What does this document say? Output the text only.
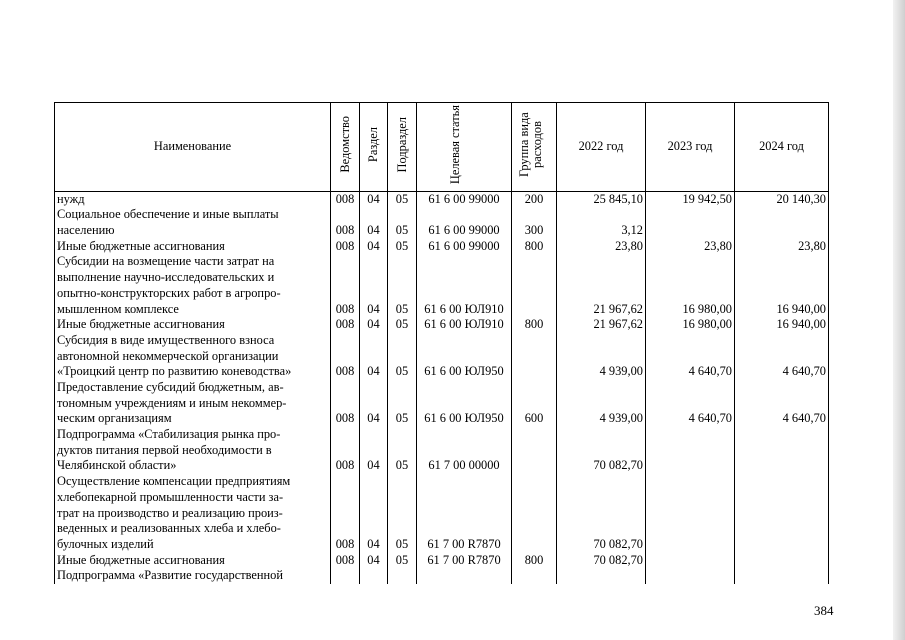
Наименование	Ведомство	Раздел	Подраздел	Целевая статья	Группа вида расходов	2022 год	2023 год	2024 год

нужд	008	04	05	61 6 00 99000	200	25 845,10	19 942,50	20 140,30

Социальное обеспечение и иные выплаты
населению	008	04	05	61 6 00 99000	300	3,12		

Иные бюджетные ассигнования	008	04	05	61 6 00 99000	800	23,80	23,80	23,80

Субсидии на возмещение части затрат на
выполнение научно-исследовательских и
опытно-конструкторских работ в агропро-
мышленном комплексе	008	04	05	61 6 00 ЮЛ910		21 967,62	16 980,00	16 940,00

Иные бюджетные ассигнования	008	04	05	61 6 00 ЮЛ910	800	21 967,62	16 980,00	16 940,00

Субсидия в виде имущественного взноса
автономной некоммерческой организации
«Троицкий центр по развитию коневодства»	008	04	05	61 6 00 ЮЛ950		4 939,00	4 640,70	4 640,70

Предоставление субсидий бюджетным, ав-
тономным учреждениям и иным некоммер-
ческим организациям	008	04	05	61 6 00 ЮЛ950	600	4 939,00	4 640,70	4 640,70

Подпрограмма «Стабилизация рынка про-
дуктов питания первой необходимости в
Челябинской области»	008	04	05	61 7 00 00000		70 082,70		

Осуществление компенсации предприятиям
хлебопекарной промышленности части за-
трат на производство и реализацию произ-
веденных и реализованных хлеба и хлебо-
булочных изделий	008	04	05	61 7 00 R7870		70 082,70		

Иные бюджетные ассигнования	008	04	05	61 7 00 R7870	800	70 082,70		

Подпрограмма «Развитие государственной								

384
